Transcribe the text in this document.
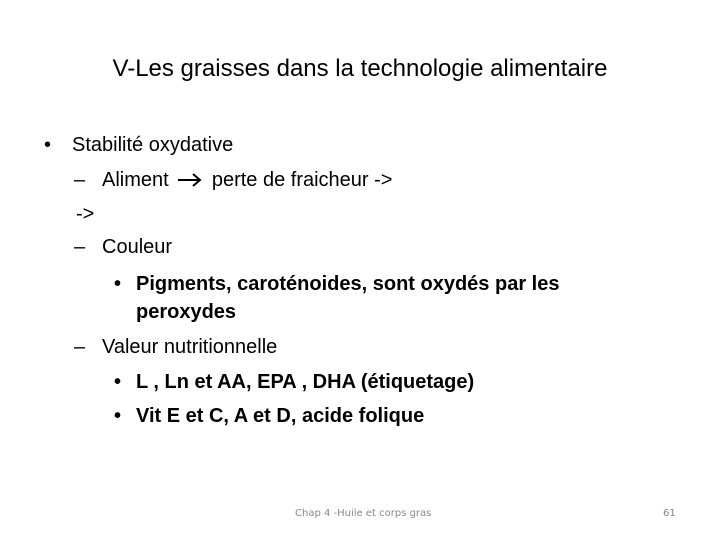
V-Les graisses dans la technologie alimentaire
• Stabilité oxydative
– Aliment perte de fraicheur ->
->
– Couleur
• Pigments, caroténoides, sont oxydés par les
peroxydes
– Valeur nutritionnelle
• L , Ln et AA, EPA , DHA (étiquetage)
• Vit E et C, A et D, acide folique
Chap 4 -Huile et corps gras	61
